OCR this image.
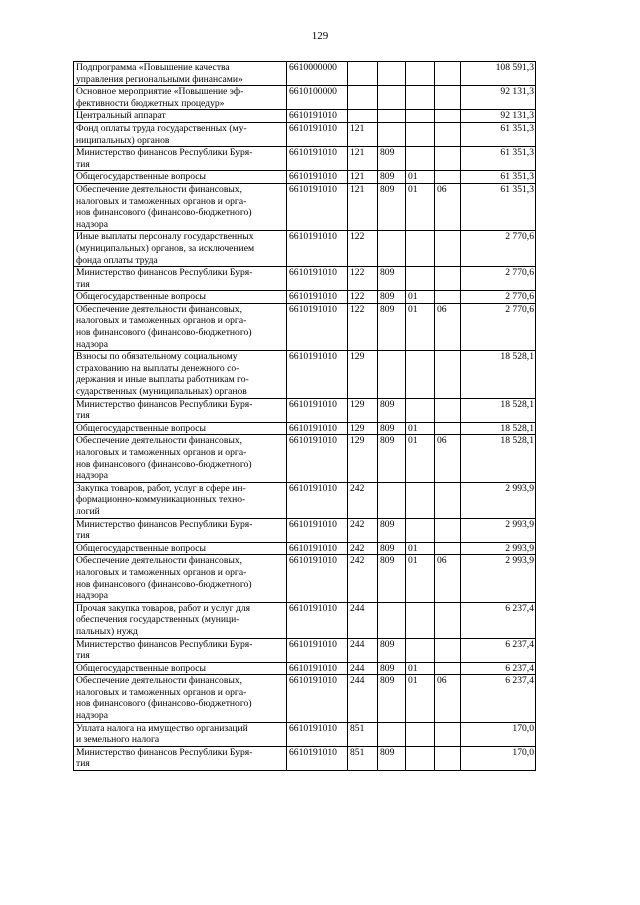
129
Подпрограмма «Повышение качества
управления региональными финансами»	6610000000					108 591,3
Основное мероприятие «Повышение эф-
фективности бюджетных процедур»	6610100000					92 131,3
Центральный аппарат	6610191010					92 131,3
Фонд оплаты труда государственных (му-
ниципальных) органов	6610191010	121				61 351,3
Министерство финансов Республики Буря-
тия	6610191010	121	809			61 351,3
Общегосударственные вопросы	6610191010	121	809	01		61 351,3
Обеспечение деятельности финансовых,
налоговых и таможенных органов и орга-
нов финансового (финансово-бюджетного)
надзора	6610191010	121	809	01	06	61 351,3
Иные выплаты персоналу государственных
(муниципальных) органов, за исключением
фонда оплаты труда	6610191010	122				2 770,6
Министерство финансов Республики Буря-
тия	6610191010	122	809			2 770,6
Общегосударственные вопросы	6610191010	122	809	01		2 770,6
Обеспечение деятельности финансовых,
налоговых и таможенных органов и орга-
нов финансового (финансово-бюджетного)
надзора	6610191010	122	809	01	06	2 770,6
Взносы по обязательному социальному
страхованию на выплаты денежного со-
держания и иные выплаты работникам го-
сударственных (муниципальных) органов	6610191010	129				18 528,1
Министерство финансов Республики Буря-
тия	6610191010	129	809			18 528,1
Общегосударственные вопросы	6610191010	129	809	01		18 528,1
Обеспечение деятельности финансовых,
налоговых и таможенных органов и орга-
нов финансового (финансово-бюджетного)
надзора	6610191010	129	809	01	06	18 528,1
Закупка товаров, работ, услуг в сфере ин-
формационно-коммуникационных техно-
логий	6610191010	242				2 993,9
Министерство финансов Республики Буря-
тия	6610191010	242	809			2 993,9
Общегосударственные вопросы	6610191010	242	809	01		2 993,9
Обеспечение деятельности финансовых,
налоговых и таможенных органов и орга-
нов финансового (финансово-бюджетного)
надзора	6610191010	242	809	01	06	2 993,9
Прочая закупка товаров, работ и услуг для
обеспечения государственных (муници-
пальных) нужд	6610191010	244				6 237,4
Министерство финансов Республики Буря-
тия	6610191010	244	809			6 237,4
Общегосударственные вопросы	6610191010	244	809	01		6 237,4
Обеспечение деятельности финансовых,
налоговых и таможенных органов и орга-
нов финансового (финансово-бюджетного)
надзора	6610191010	244	809	01	06	6 237,4
Уплата налога на имущество организаций
и земельного налога	6610191010	851				170,0
Министерство финансов Республики Буря-
тия	6610191010	851	809			170,0
